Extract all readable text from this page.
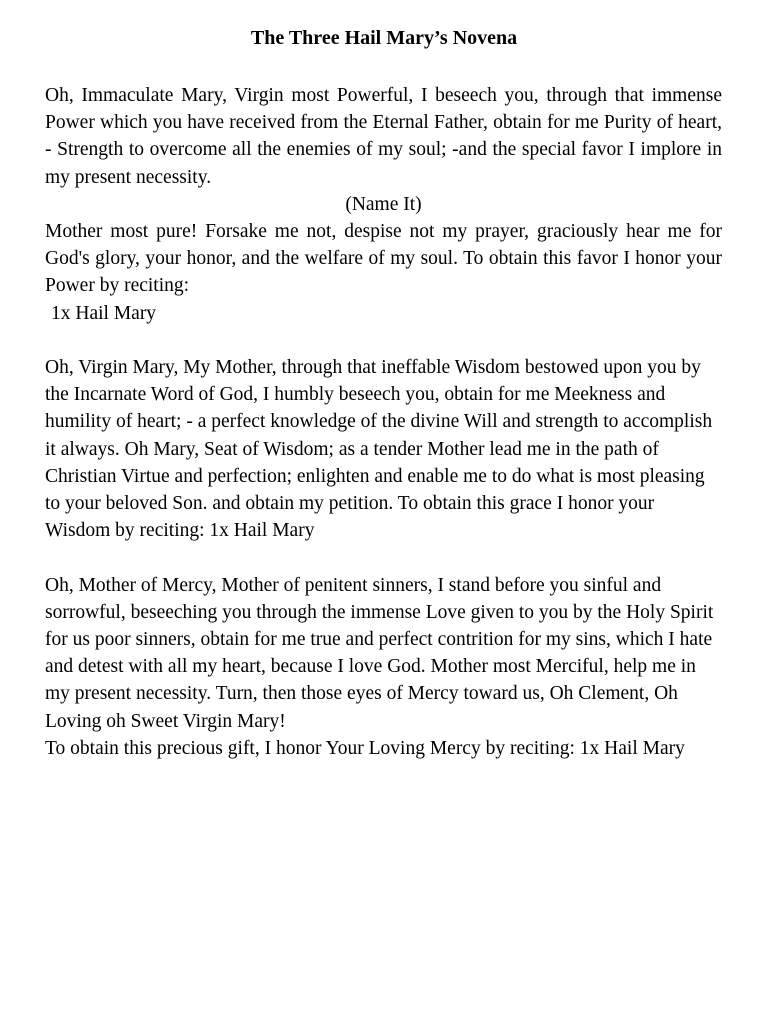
The Three Hail Mary’s Novena

Oh, Immaculate Mary, Virgin most Powerful, I beseech you, through that immense Power which you have received from the Eternal Father, obtain for me Purity of heart, - Strength to overcome all the enemies of my soul; -and the special favor I implore in my present necessity.

(Name It)

Mother most pure! Forsake me not, despise not my prayer, graciously hear me for God's glory, your honor, and the welfare of my soul. To obtain this favor I honor your Power by reciting:

1x Hail Mary

Oh, Virgin Mary, My Mother, through that ineffable Wisdom bestowed upon you by the Incarnate Word of God, I humbly beseech you, obtain for me Meekness and humility of heart; - a perfect knowledge of the divine Will and strength to accomplish it always. Oh Mary, Seat of Wisdom; as a tender Mother lead me in the path of Christian Virtue and perfection; enlighten and enable me to do what is most pleasing to your beloved Son. and obtain my petition. To obtain this grace I honor your Wisdom by reciting: 1x Hail Mary

Oh, Mother of Mercy, Mother of penitent sinners, I stand before you sinful and sorrowful, beseeching you through the immense Love given to you by the Holy Spirit for us poor sinners, obtain for me true and perfect contrition for my sins, which I hate and detest with all my heart, because I love God. Mother most Merciful, help me in my present necessity. Turn, then those eyes of Mercy toward us, Oh Clement, Oh Loving oh Sweet Virgin Mary!

To obtain this precious gift, I honor Your Loving Mercy by reciting: 1x Hail Mary
